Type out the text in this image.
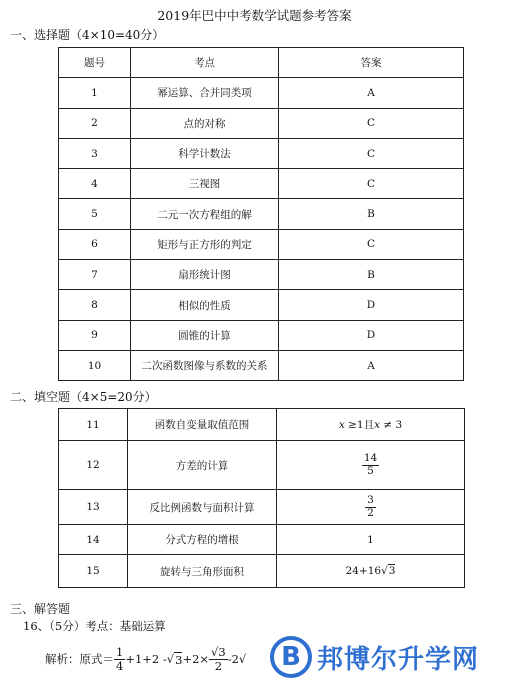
2019年巴中中考数学试题参考答案
一、选择题（4×10=40分）
题号	考点	答案
1	幂运算、合并同类项	A
2	点的对称	C
3	科学计数法	C
4	三视图	C
5	二元一次方程组的解	B
6	矩形与正方形的判定	C
7	扇形统计图	B
8	相似的性质	D
9	圆锥的计算	D
10	二次函数图像与系数的关系	A
二、填空题（4×5=20分）
11	函数自变量取值范围	x ≥1且x ≠ 3
12	方差的计算	$\frac{14}{5}$

13	反比例函数与面积计算	$\frac{3}{2}$

14	分式方程的增根	1
15	旋转与三角形面积	24+16√3
三、解答题
16、（5分）考点：基础运算
解析： 原式＝ $\frac{1}{4} +1+2$ - √ $3 +2\times \frac{√3}{2} -2√$	B 邦博尔升学网
